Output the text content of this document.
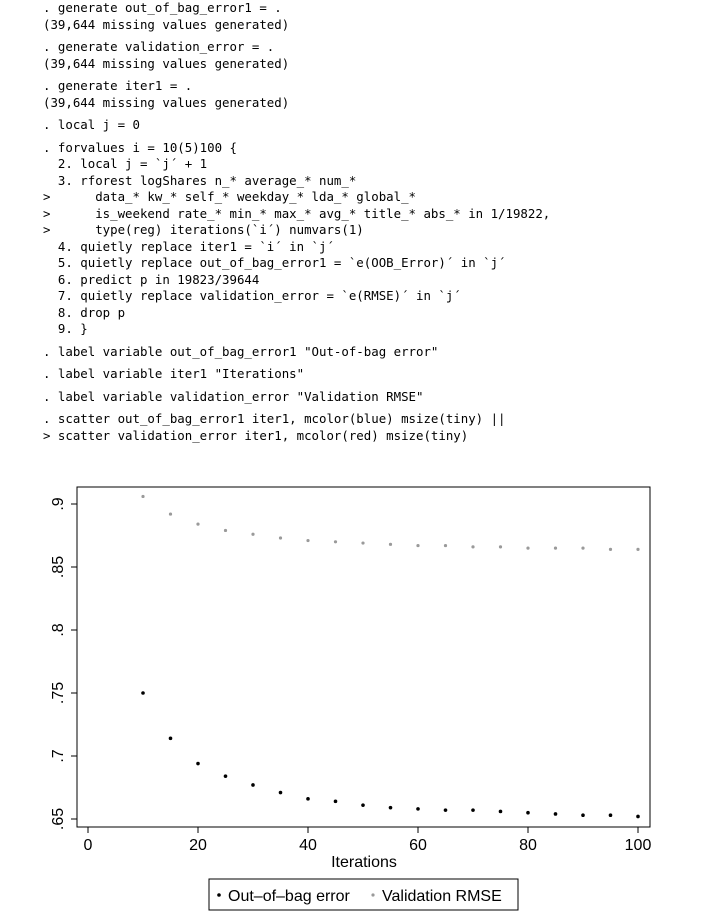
. generate out_of_bag_error1 = .
(39,644 missing values generated)
. generate validation_error = .
(39,644 missing values generated)
. generate iter1 = .
(39,644 missing values generated)
. local j = 0
. forvalues i = 10(5)100 {
2. local j = `j´ + 1
3. rforest logShares n_* average_* num_*
>      data_* kw_* self_* weekday_* lda_* global_*
>      is_weekend rate_* min_* max_* avg_* title_* abs_* in 1/19822,
>      type(reg) iterations(`i´) numvars(1)
4. quietly replace iter1 = `i´ in `j´
5. quietly replace out_of_bag_error1 = `e(OOB_Error)´ in `j´
6. predict p in 19823/39644
7. quietly replace validation_error = `e(RMSE)´ in `j´
8. drop p
9. }
. label variable out_of_bag_error1 "Out-of-bag error"
. label variable iter1 "Iterations"
. label variable validation_error "Validation RMSE"
. scatter out_of_bag_error1 iter1, mcolor(blue) msize(tiny) ||
> scatter validation_error iter1, mcolor(red) msize(tiny)
.65
.7
.75
.8
.85
.9
0	20	40	60	80	100
Iterations
Out–of–bag error Validation RMSE
